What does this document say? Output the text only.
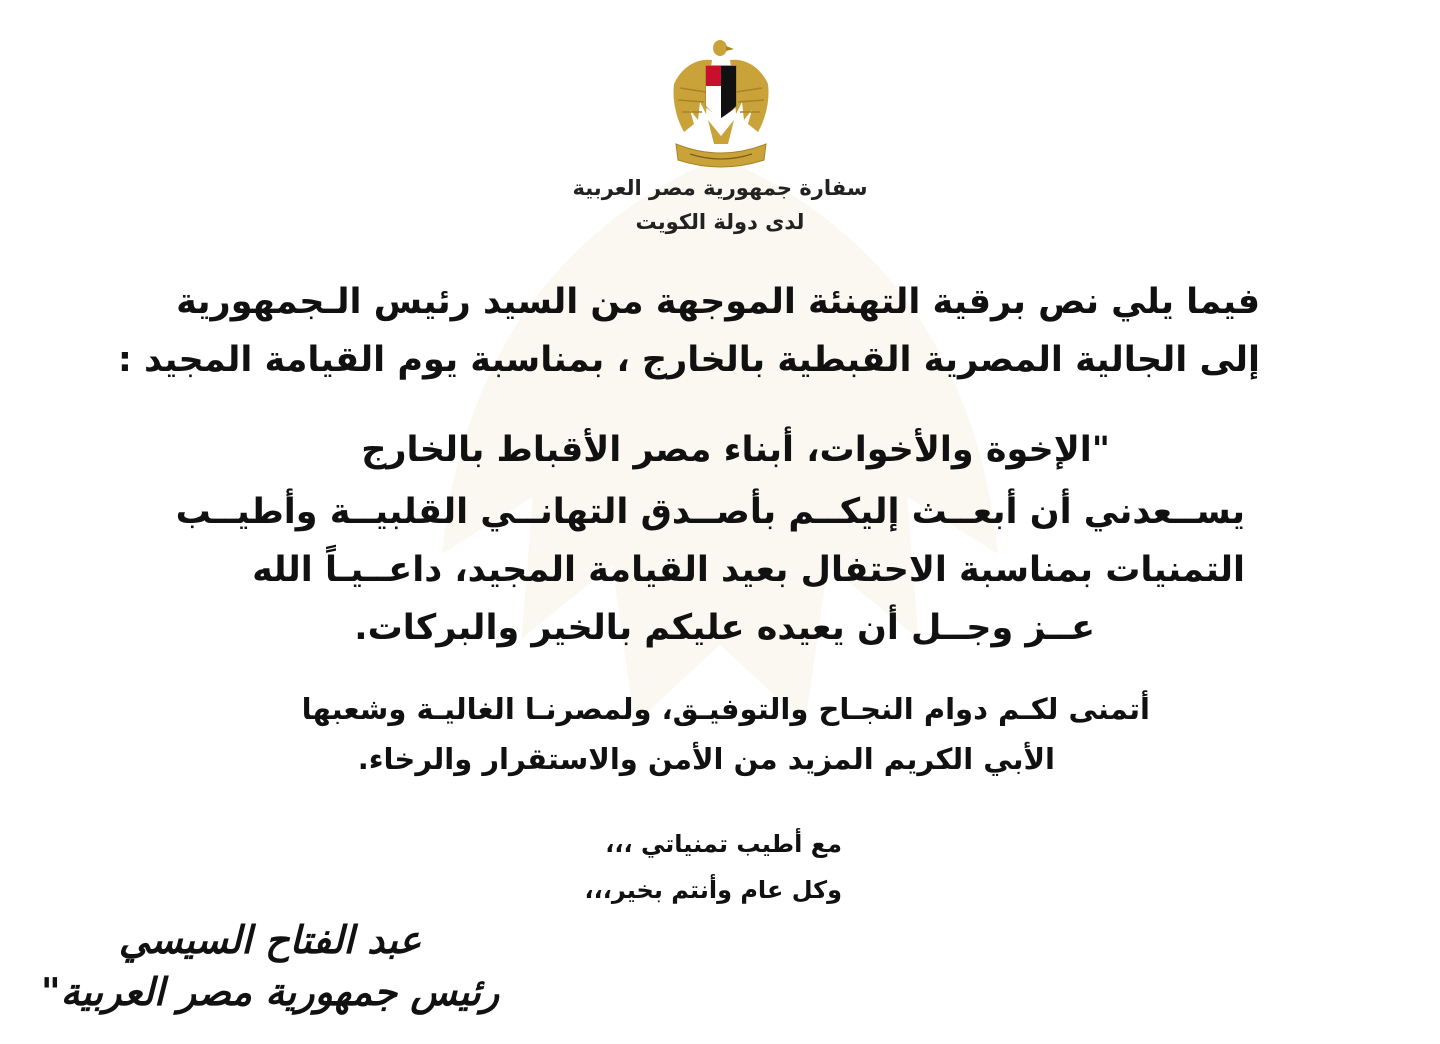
سفارة جمهورية مصر العربية
لدى دولة الكويت
فيما يلي نص برقية التهنئة الموجهة من السيد رئيس الـجمهورية
إلى الجالية المصرية القبطية بالخارج ، بمناسبة يوم القيامة المجيد :
"الإخوة والأخوات، أبناء مصر الأقباط بالخارج
يســعدني أن أبعــث إليكــم بأصــدق التهانــي القلبيــة وأطيــب
التمنيات بمناسبة الاحتفال بعيد القيامة المجيد، داعــيـاً الله
عــز وجــل أن يعيده عليكم بالخير والبركات.
أتمنى لكـم دوام النجـاح والتوفيـق، ولمصرنـا الغاليـة وشعبها
الأبي الكريم المزيد من الأمن والاستقرار والرخاء.
مع أطيب تمنياتي ،،،
وكل عام وأنتم بخير،،،
عبد الفتاح السيسي
رئيس جمهورية مصر العربية"
